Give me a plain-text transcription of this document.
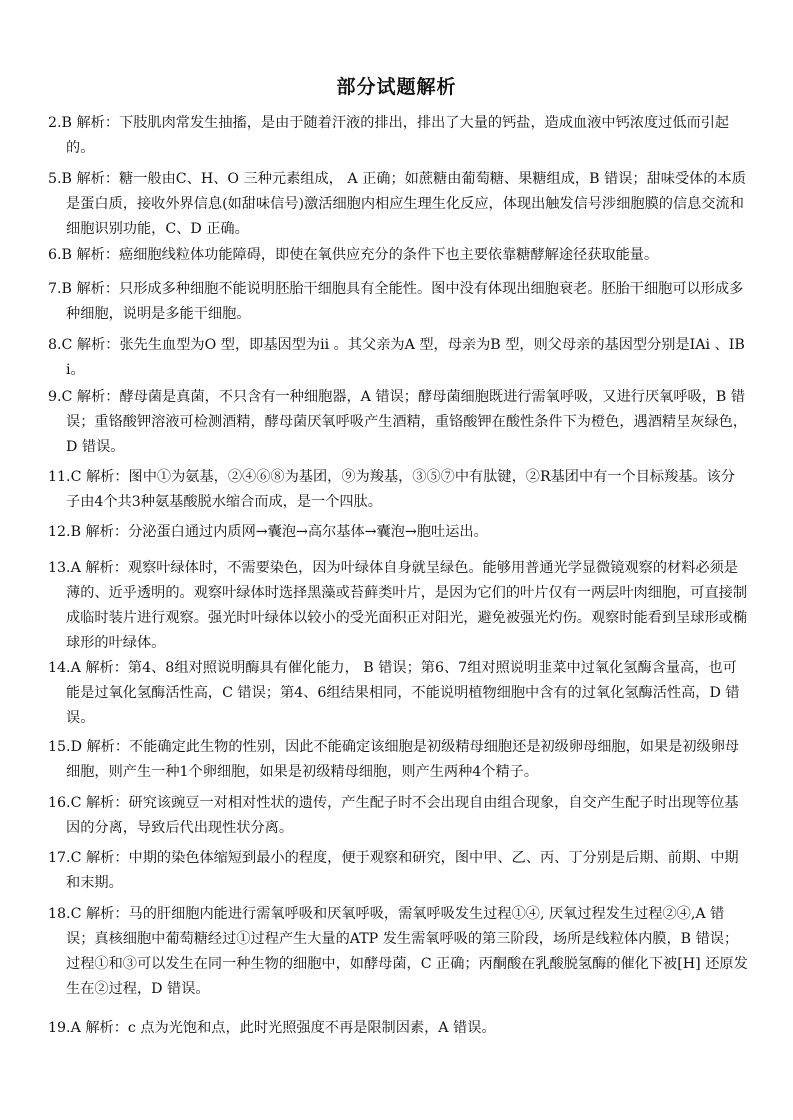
部分试题解析
2.B 解析：下肢肌肉常发生抽搐，是由于随着汗液的排出，排出了大量的钙盐，造成血液中钙浓度过低而引起的。
5.B 解析：糖一般由C、H、O 三种元素组成， A 正确；如蔗糖由葡萄糖、果糖组成，B 错误；甜味受体的本质是蛋白质，接收外界信息(如甜味信号)激活细胞内相应生理生化反应，体现出触发信号涉细胞膜的信息交流和细胞识别功能，C、D 正确。
6.B 解析：癌细胞线粒体功能障碍，即使在氧供应充分的条件下也主要依靠糖酵解途径获取能量。
7.B 解析：只形成多种细胞不能说明胚胎干细胞具有全能性。图中没有体现出细胞衰老。胚胎干细胞可以形成多种细胞，说明是多能干细胞。
8.C 解析：张先生血型为O 型，即基因型为ii 。其父亲为A 型，母亲为B 型，则父母亲的基因型分别是IAi 、IB i。
9.C 解析：酵母菌是真菌，不只含有一种细胞器，A 错误；酵母菌细胞既进行需氧呼吸，又进行厌氧呼吸，B 错误；重铬酸钾溶液可检测酒精，酵母菌厌氧呼吸产生酒精，重铬酸钾在酸性条件下为橙色，遇酒精呈灰绿色，D 错误。
11.C 解析：图中①为氨基，②④⑥⑧为基团，⑨为羧基，③⑤⑦中有肽键，②R基团中有一个目标羧基。该分子由4个共3种氨基酸脱水缩合而成，是一个四肽。
12.B 解析：分泌蛋白通过内质网→囊泡→高尔基体→囊泡→胞吐运出。
13.A 解析：观察叶绿体时，不需要染色，因为叶绿体自身就呈绿色。能够用普通光学显微镜观察的材料必须是薄的、近乎透明的。观察叶绿体时选择黑藻或苔藓类叶片，是因为它们的叶片仅有一两层叶肉细胞，可直接制成临时装片进行观察。强光时叶绿体以较小的受光面积正对阳光，避免被强光灼伤。观察时能看到呈球形或椭球形的叶绿体。
14.A 解析：第4、8组对照说明酶具有催化能力， B 错误；第6、7组对照说明韭菜中过氧化氢酶含量高，也可能是过氧化氢酶活性高，C 错误；第4、6组结果相同，不能说明植物细胞中含有的过氧化氢酶活性高，D 错误。
15.D 解析：不能确定此生物的性别，因此不能确定该细胞是初级精母细胞还是初级卵母细胞，如果是初级卵母细胞，则产生一种1个卵细胞，如果是初级精母细胞，则产生两种4个精子。
16.C 解析：研究该豌豆一对相对性状的遗传，产生配子时不会出现自由组合现象，自交产生配子时出现等位基因的分离，导致后代出现性状分离。
17.C 解析：中期的染色体缩短到最小的程度，便于观察和研究，图中甲、乙、丙、丁分别是后期、前期、中期和末期。
18.C 解析：马的肝细胞内能进行需氧呼吸和厌氧呼吸，需氧呼吸发生过程①④, 厌氧过程发生过程②④,A 错误；真核细胞中葡萄糖经过①过程产生大量的ATP 发生需氧呼吸的第三阶段，场所是线粒体内膜，B 错误；过程①和③可以发生在同一种生物的细胞中，如酵母菌，C 正确；丙酮酸在乳酸脱氢酶的催化下被[H] 还原发生在②过程，D 错误。
19.A 解析：c 点为光饱和点，此时光照强度不再是限制因素，A 错误。
